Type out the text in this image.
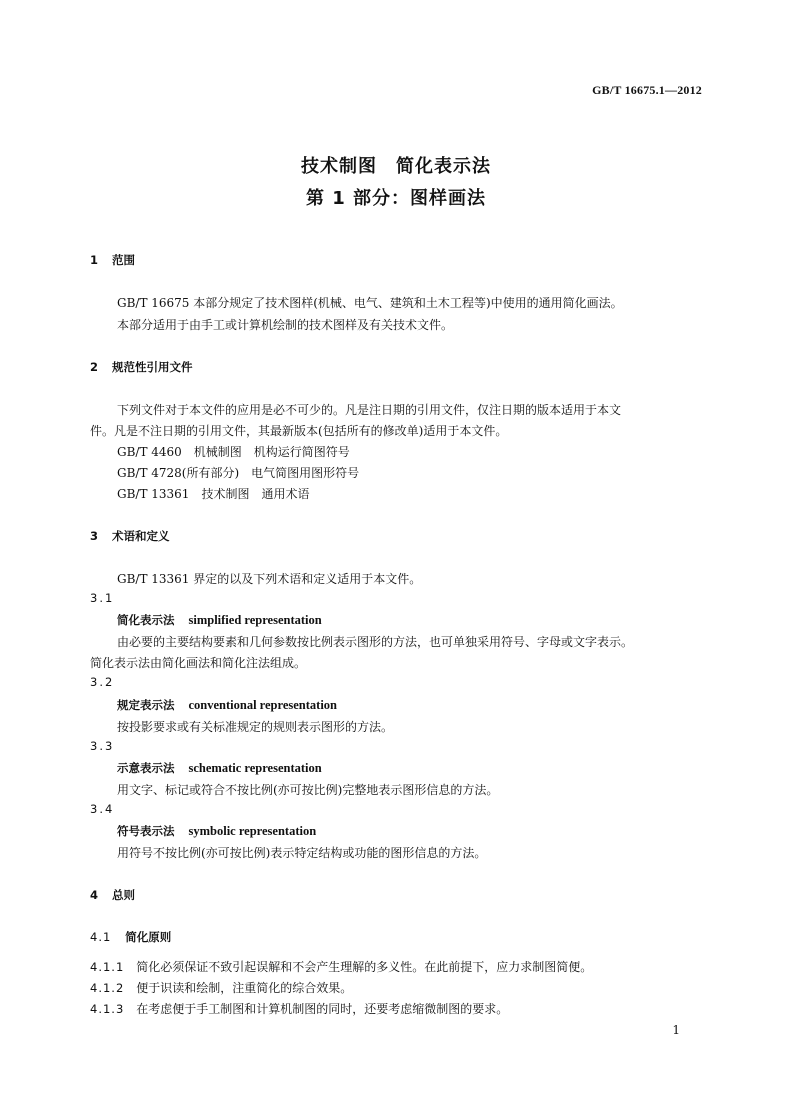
GB/T 16675.1—2012
技术制图　简化表示法
第 1 部分：图样画法
1 范围
GB/T 16675 本部分规定了技术图样(机械、电气、建筑和土木工程等)中使用的通用简化画法。
本部分适用于由手工或计算机绘制的技术图样及有关技术文件。
2 规范性引用文件
下列文件对于本文件的应用是必不可少的。凡是注日期的引用文件，仅注日期的版本适用于本文
件。凡是不注日期的引用文件，其最新版本(包括所有的修改单)适用于本文件。
GB/T 4460　机械制图　机构运行简图符号
GB/T 4728(所有部分)　电气简图用图形符号
GB/T 13361　技术制图　通用术语
3 术语和定义
GB/T 13361 界定的以及下列术语和定义适用于本文件。
3.1
简化表示法 simplified representation
由必要的主要结构要素和几何参数按比例表示图形的方法，也可单独采用符号、字母或文字表示。
简化表示法由简化画法和简化注法组成。
3.2
规定表示法 conventional representation
按投影要求或有关标准规定的规则表示图形的方法。
3.3
示意表示法 schematic representation
用文字、标记或符合不按比例(亦可按比例)完整地表示图形信息的方法。
3.4
符号表示法 symbolic representation
用符号不按比例(亦可按比例)表示特定结构或功能的图形信息的方法。
4 总则
4.1 简化原则
4.1.1 简化必须保证不致引起误解和不会产生理解的多义性。在此前提下，应力求制图简便。
4.1.2 便于识读和绘制，注重简化的综合效果。
4.1.3 在考虑便于手工制图和计算机制图的同时，还要考虑缩微制图的要求。
1
